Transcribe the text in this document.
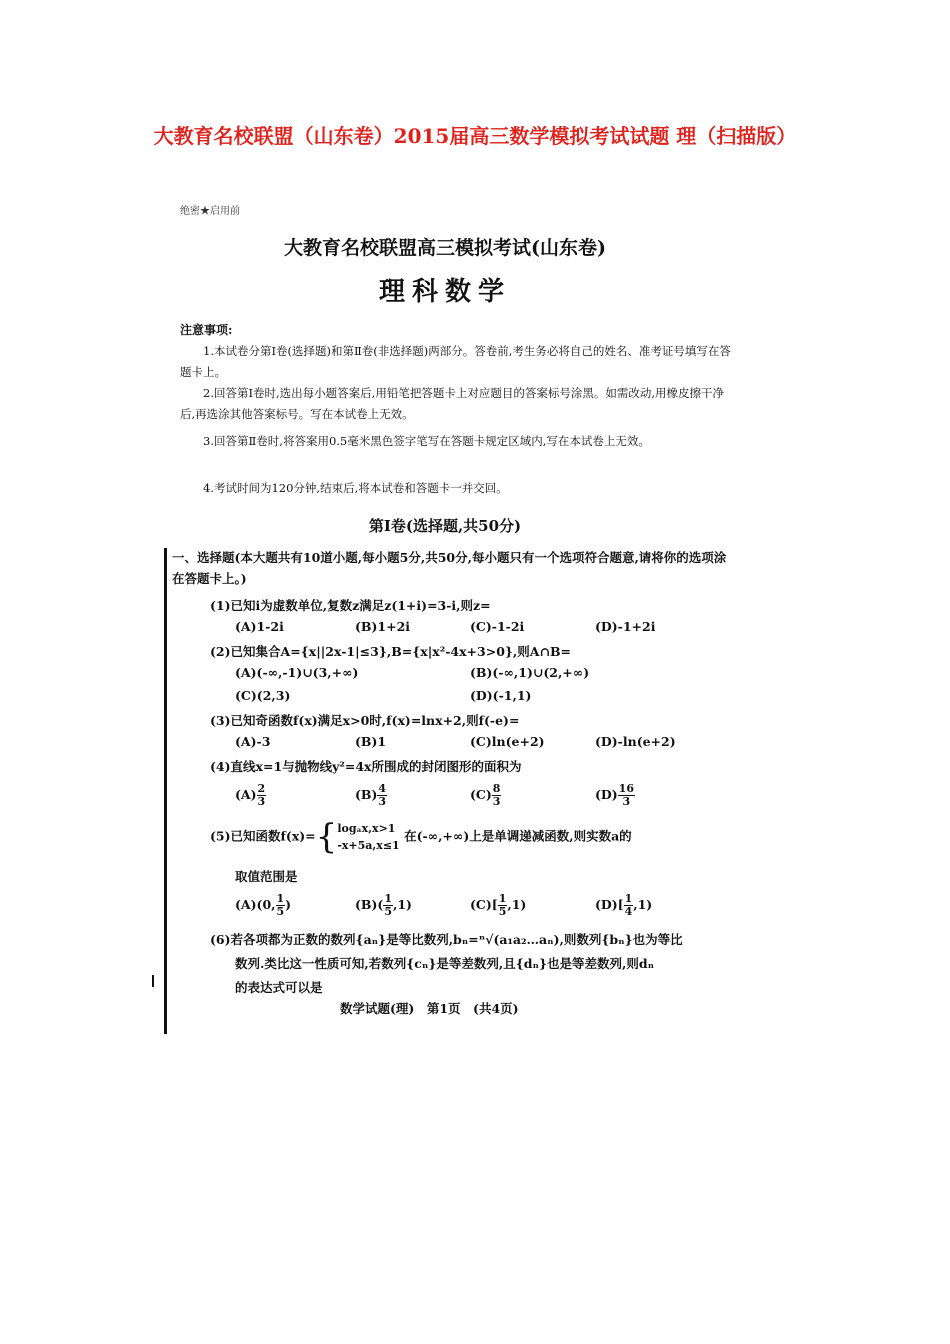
大教育名校联盟（山东卷）2015届高三数学模拟考试试题 理（扫描版）
绝密★启用前
大教育名校联盟高三模拟考试(山东卷)
理科数学
注意事项:
1.本试卷分第Ⅰ卷(选择题)和第Ⅱ卷(非选择题)两部分。答卷前,考生务必将自己的姓名、准考证号填写在答题卡上。
2.回答第Ⅰ卷时,选出每小题答案后,用铅笔把答题卡上对应题目的答案标号涂黑。如需改动,用橡皮擦干净后,再选涂其他答案标号。写在本试卷上无效。
3.回答第Ⅱ卷时,将答案用0.5毫米黑色签字笔写在答题卡规定区域内,写在本试卷上无效。
4.考试时间为120分钟,结束后,将本试卷和答题卡一并交回。
第Ⅰ卷(选择题,共50分)
一、选择题(本大题共有10道小题,每小题5分,共50分,每小题只有一个选项符合题意,请将你的选项涂在答题卡上。)
(1)已知i为虚数单位,复数z满足z(1+i)=3-i,则z=
(A)1-2i	(B)1+2i	(C)-1-2i	(D)-1+2i
(2)已知集合A={x||2x-1|≤3},B={x|x²-4x+3>0},则A∩B=
(A)(-∞,-1)∪(3,+∞)	(B)(-∞,1)∪(2,+∞)
(C)(2,3)	(D)(-1,1)
(3)已知奇函数f(x)满足x>0时,f(x)=lnx+2,则f(-e)=
(A)-3	(B)1	(C)ln(e+2)	(D)-ln(e+2)
(4)直线x=1与抛物线y²=4x所围成的封闭图形的面积为
$(A) \frac{2}{3}$	$(B) \frac{4}{3}$	$(C) \frac{8}{3}$	$(D) \frac{16}{3}$
(5)已知函数f(x)={logₐx,x>1
-x+5a,x≤1 在(-∞,+∞)上是单调递减函数,则实数a的
取值范围是
(A)(0, $\frac{1}{5}$ )	$(B)( \frac{1}{5} ,1)$	$(C)[ \frac{1}{5} ,1)$	$(D)[ \frac{1}{4} ,1)$
(6)若各项都为正数的数列{aₙ}是等比数列,bₙ=ⁿ√(a₁a₂…aₙ),则数列{bₙ}也为等比
数列.类比这一性质可知,若数列{cₙ}是等差数列,且{dₙ}也是等差数列,则dₙ
的表达式可以是
数学试题(理)　第1页　(共4页)
